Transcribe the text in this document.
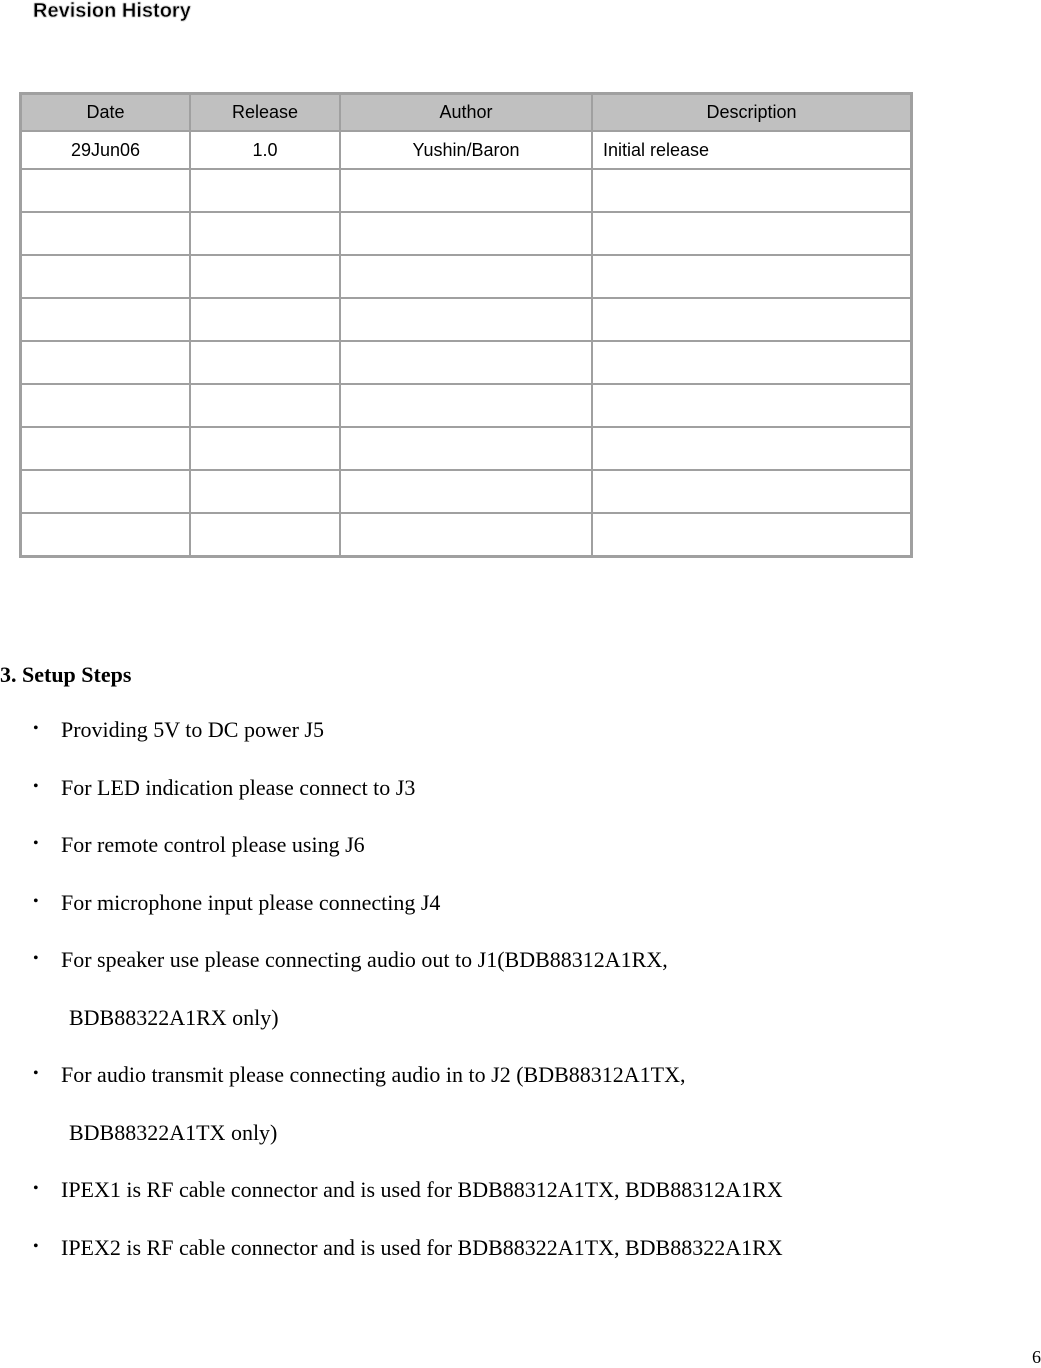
Revision History
Date	Release	Author	Description
29Jun06	1.0	Yushin/Baron	Initial release

3. Setup Steps
• Providing 5V to DC power J5
• For LED indication please connect to J3
• For remote control please using J6
• For microphone input please connecting J4
• For speaker use please connecting audio out to J1(BDB88312A1RX,
BDB88322A1RX only)
• For audio transmit please connecting audio in to J2 (BDB88312A1TX,
BDB88322A1TX only)
• IPEX1 is RF cable connector and is used for BDB88312A1TX, BDB88312A1RX
• IPEX2 is RF cable connector and is used for BDB88322A1TX, BDB88322A1RX
6
